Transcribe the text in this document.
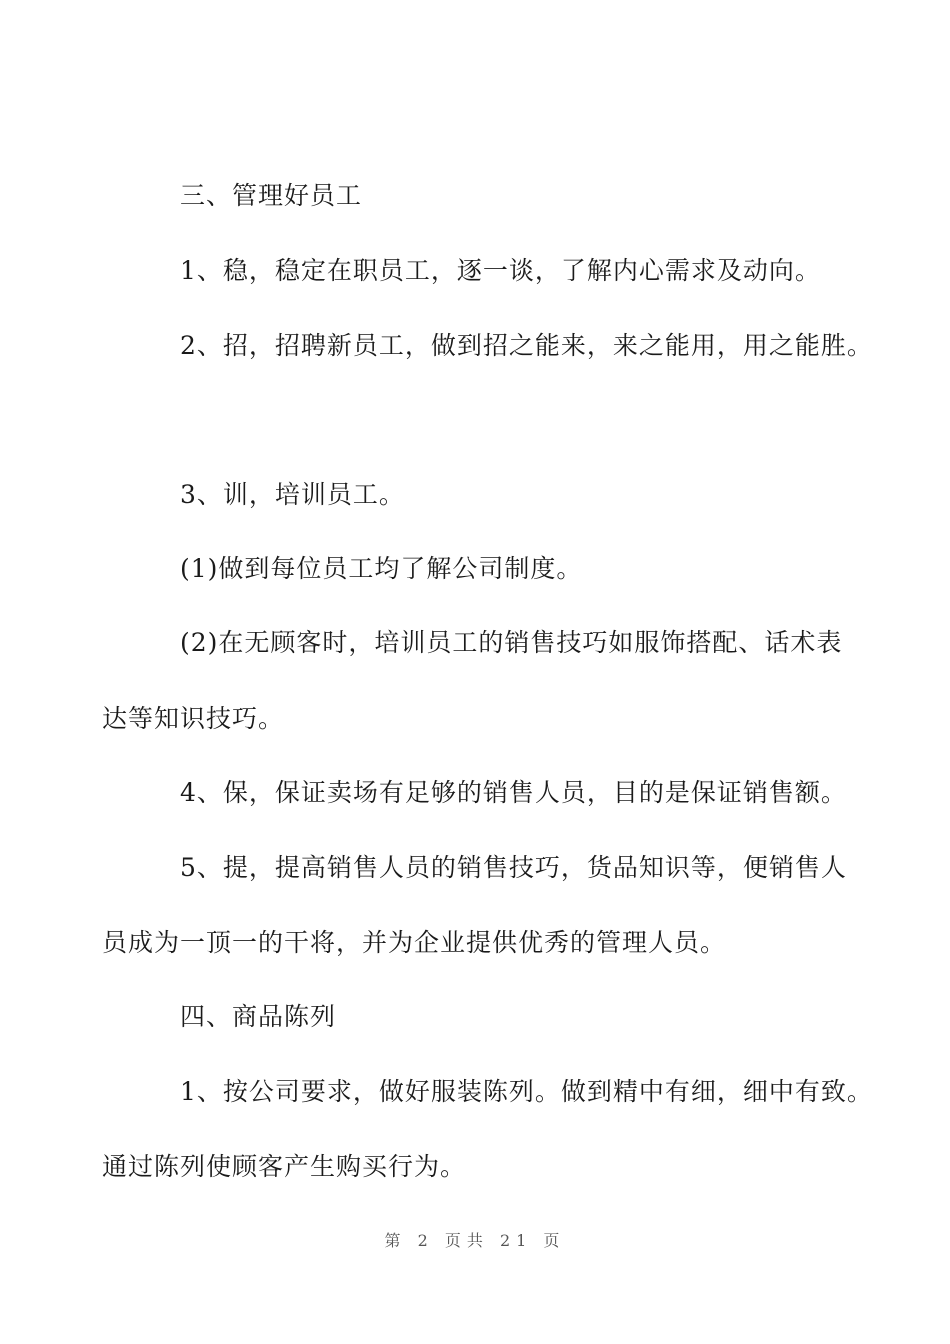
三、管理好员工
1、稳，稳定在职员工，逐一谈，了解内心需求及动向。
2、招，招聘新员工，做到招之能来，来之能用，用之能胜。
3、训，培训员工。
(1)做到每位员工均了解公司制度。
(2)在无顾客时，培训员工的销售技巧如服饰搭配、话术表
达等知识技巧。
4、保，保证卖场有足够的销售人员，目的是保证销售额。
5、提，提高销售人员的销售技巧，货品知识等，便销售人
员成为一顶一的干将，并为企业提供优秀的管理人员。
四、商品陈列
1、按公司要求，做好服装陈列。做到精中有细，细中有致。
通过陈列使顾客产生购买行为。
第 2 页共 21 页
